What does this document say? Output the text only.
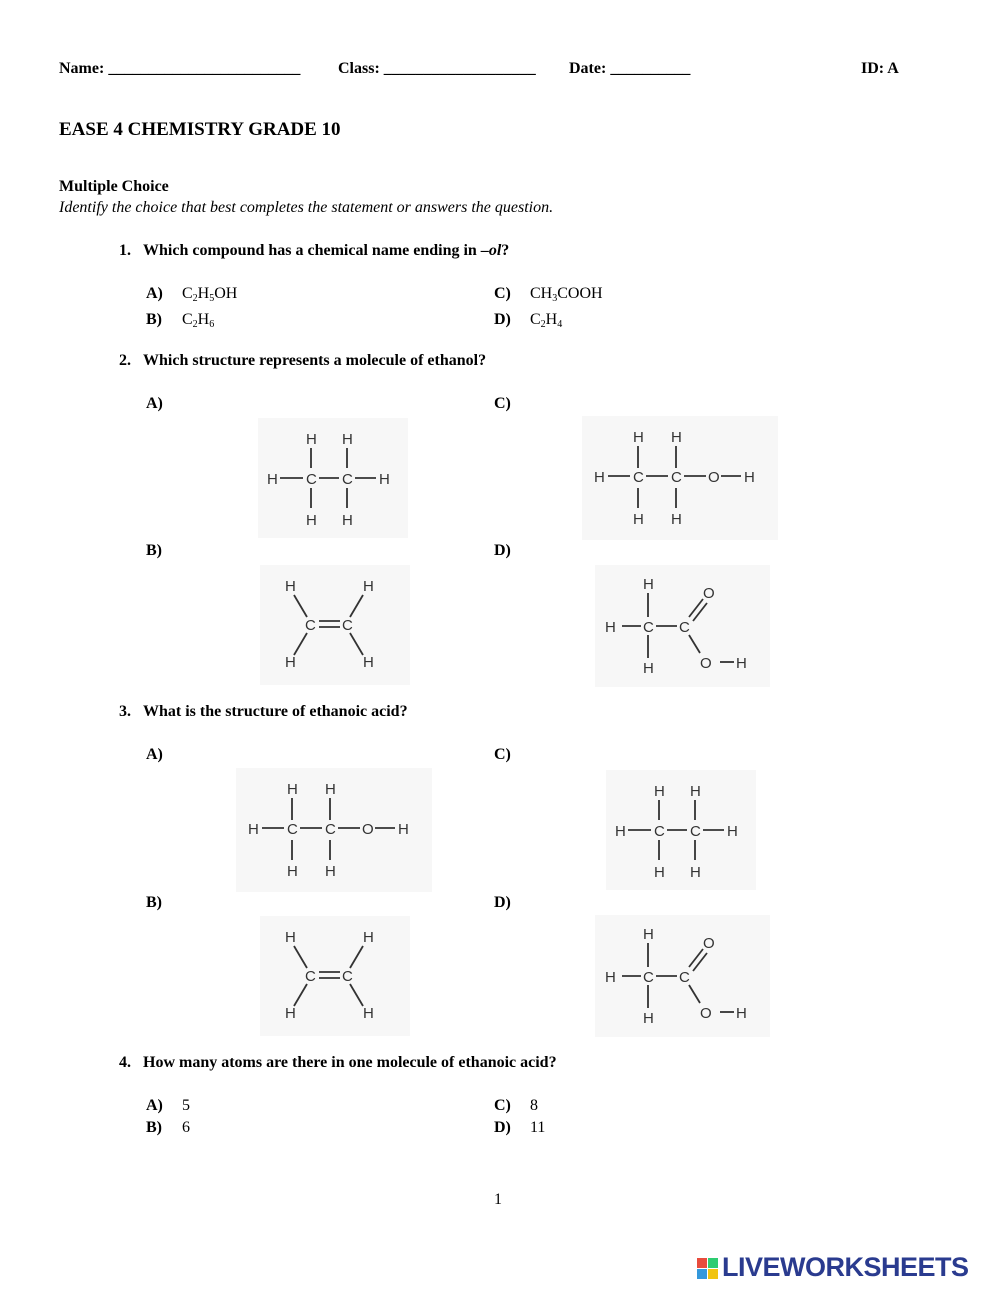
Name: ________________________ Class: ___________________ Date: __________	ID: A
EASE 4 CHEMISTRY GRADE 10
Multiple Choice
Identify the choice that best completes the statement or answers the question.
1. Which compound has a chemical name ending in –ol?
A) $C_2H_5OH$
B) $C_2H_6$
C) $CH_3COOH$
D) $C_2H_4$
2. Which structure represents a molecule of ethanol?
A)	C)
B)	D)
H H
H C C H
H H
H H
H C C O H
H H
H	H
C C
H	H
H
H C C
O
H	O H
3. What is the structure of ethanoic acid?
A)	C)
B)	D)
H H
H C C O H
H H
H H
H C C H
H H
H	H
C C
H	H
H
H C C
O
H	O H
4. How many atoms are there in one molecule of ethanoic acid?
A) 5
B) 6
C) 8
D) 11
1
LIVEWORKSHEETS
